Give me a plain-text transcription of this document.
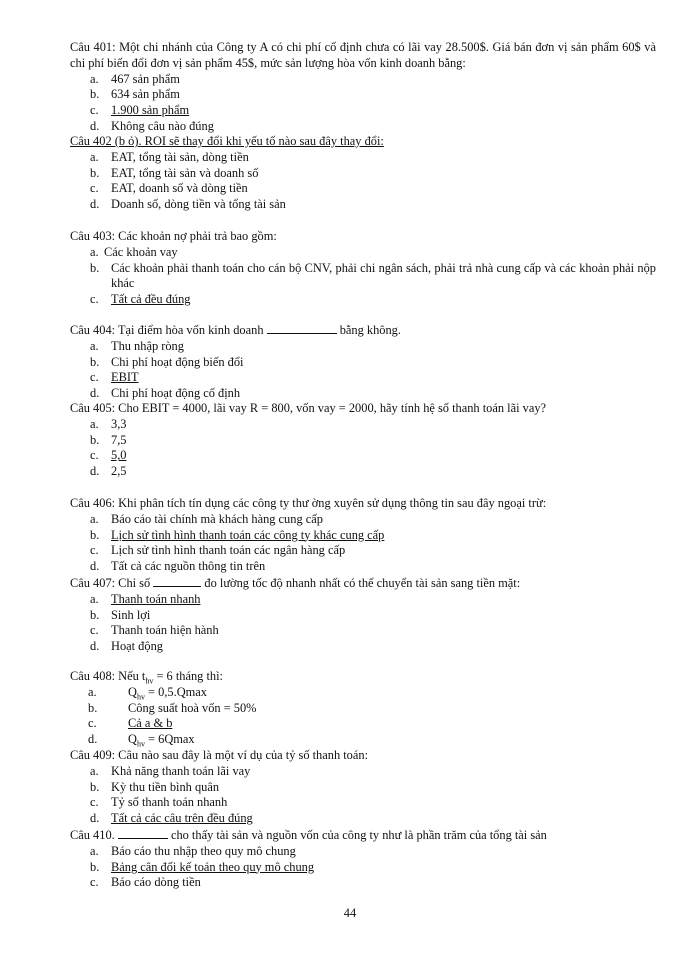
Câu 401: Một chi nhánh của Công ty A có chi phí cố định chưa có lãi vay 28.500$. Giá bán đơn vị sản phẩm 60$ và chi phí biến đổi đơn vị sản phẩm 45$, mức sản lượng hòa vốn kinh doanh bằng:
a. 467 sản phẩm
b. 634 sản phẩm
c. 1.900 sản phẩm
d. Không câu nào đúng
Câu 402 (b ỏ). ROI sẽ thay đổi khi yếu tố nào sau đây thay đổi:
a. EAT, tổng tài sản, dòng tiền
b. EAT, tổng tài sản và doanh số
c. EAT, doanh số và dòng tiền
d. Doanh số, dòng tiền và tổng tài sản
Câu 403: Các khoản nợ phải trả bao gồm:
a. Các khoản vay
b. Các khoản phải thanh toán cho cán bộ CNV, phải chi ngân sách, phải trả nhà cung cấp và các khoản phải nộp khác
c. Tất cả đều đúng
Câu 404: Tại điểm hòa vốn kinh doanh	bằng không.
a. Thu nhập ròng
b. Chi phí hoạt động biến đổi
c. EBIT
d. Chi phí hoạt động cố định
Câu 405: Cho EBIT = 4000, lãi vay R = 800, vốn vay = 2000, hãy tính hệ số thanh toán lãi vay?
a. 3,3
b. 7,5
c. 5,0
d. 2,5
Câu 406: Khi phân tích tín dụng các công ty thư ờng xuyên sử dụng thông tin sau đây ngoại trừ:
a. Báo cáo tài chính mà khách hàng cung cấp
b. Lịch sử tình hình thanh toán các công ty khác cung cấp
c. Lịch sử tình hình thanh toán các ngân hàng cấp
d. Tất cả các nguồn thông tin trên
Câu 407: Chỉ số	đo lường tốc độ nhanh nhất có thể chuyển tài sản sang tiền mặt:
a. Thanh toán nhanh
b. Sinh lợi
c. Thanh toán hiện hành
d. Hoạt động
Câu 408: Nếu $t_{hv} = 6$ tháng thì:
a.	$Q_{hv} = 0,5.Qmax$
b.	Công suất hoà vốn = 50%
c.	Cả a & b
d.	$Q_{hv} = 6Qmax$
Câu 409: Câu nào sau đây là một ví dụ của tỷ số thanh toán:
a. Khả năng thanh toán lãi vay
b. Kỳ thu tiền bình quân
c. Tỷ số thanh toán nhanh
d. Tất cả các câu trên đều đúng
Câu 410.	cho thấy tài sản và nguồn vốn của công ty như là phần trăm của tổng tài sản
a. Báo cáo thu nhập theo quy mô chung
b. Bảng cân đối kế toán theo quy mô chung
c. Báo cáo dòng tiền
44
